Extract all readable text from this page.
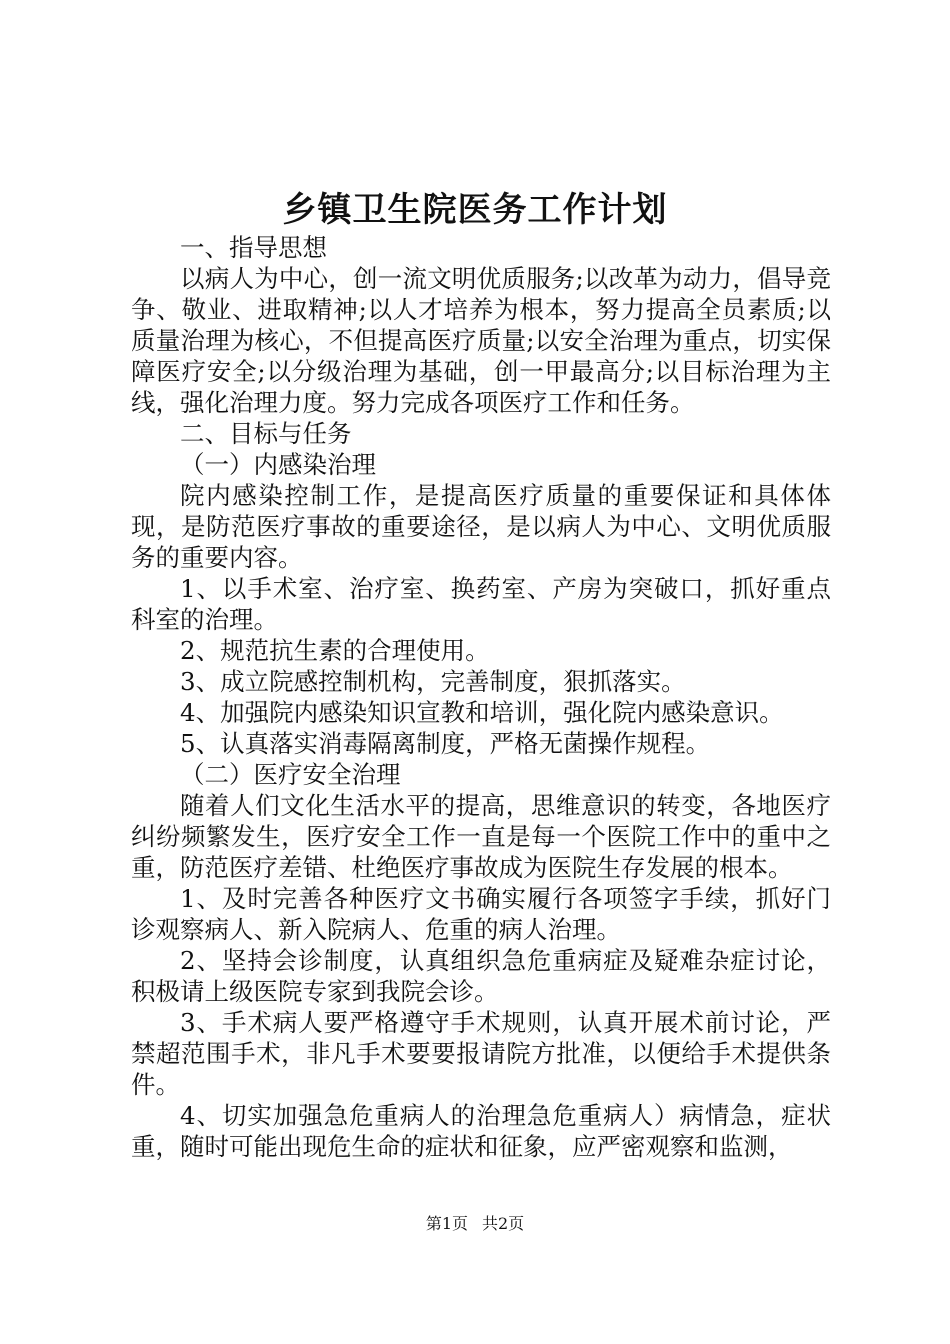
乡镇卫生院医务工作计划

一、指导思想

以病人为中心，创一流文明优质服务;以改革为动力，倡导竞争、敬业、进取精神;以人才培养为根本，努力提高全员素质;以质量治理为核心，不但提高医疗质量;以安全治理为重点，切实保障医疗安全;以分级治理为基础，创一甲最高分;以目标治理为主线，强化治理力度。努力完成各项医疗工作和任务。

二、目标与任务

（一）内感染治理

院内感染控制工作，是提高医疗质量的重要保证和具体体现，是防范医疗事故的重要途径，是以病人为中心、文明优质服务的重要内容。

1、以手术室、治疗室、换药室、产房为突破口，抓好重点科室的治理。

2、规范抗生素的合理使用。

3、成立院感控制机构，完善制度，狠抓落实。

4、加强院内感染知识宣教和培训，强化院内感染意识。

5、认真落实消毒隔离制度，严格无菌操作规程。

（二）医疗安全治理

随着人们文化生活水平的提高，思维意识的转变，各地医疗纠纷频繁发生，医疗安全工作一直是每一个医院工作中的重中之重，防范医疗差错、杜绝医疗事故成为医院生存发展的根本。

1、及时完善各种医疗文书确实履行各项签字手续，抓好门诊观察病人、新入院病人、危重的病人治理。

2、坚持会诊制度，认真组织急危重病症及疑难杂症讨论，积极请上级医院专家到我院会诊。

3、手术病人要严格遵守手术规则，认真开展术前讨论，严禁超范围手术，非凡手术要要报请院方批准，以便给手术提供条件。

4、切实加强急危重病人的治理急危重病人）病情急，症状重，随时可能出现危生命的症状和征象，应严密观察和监测，

第1页 共2页
